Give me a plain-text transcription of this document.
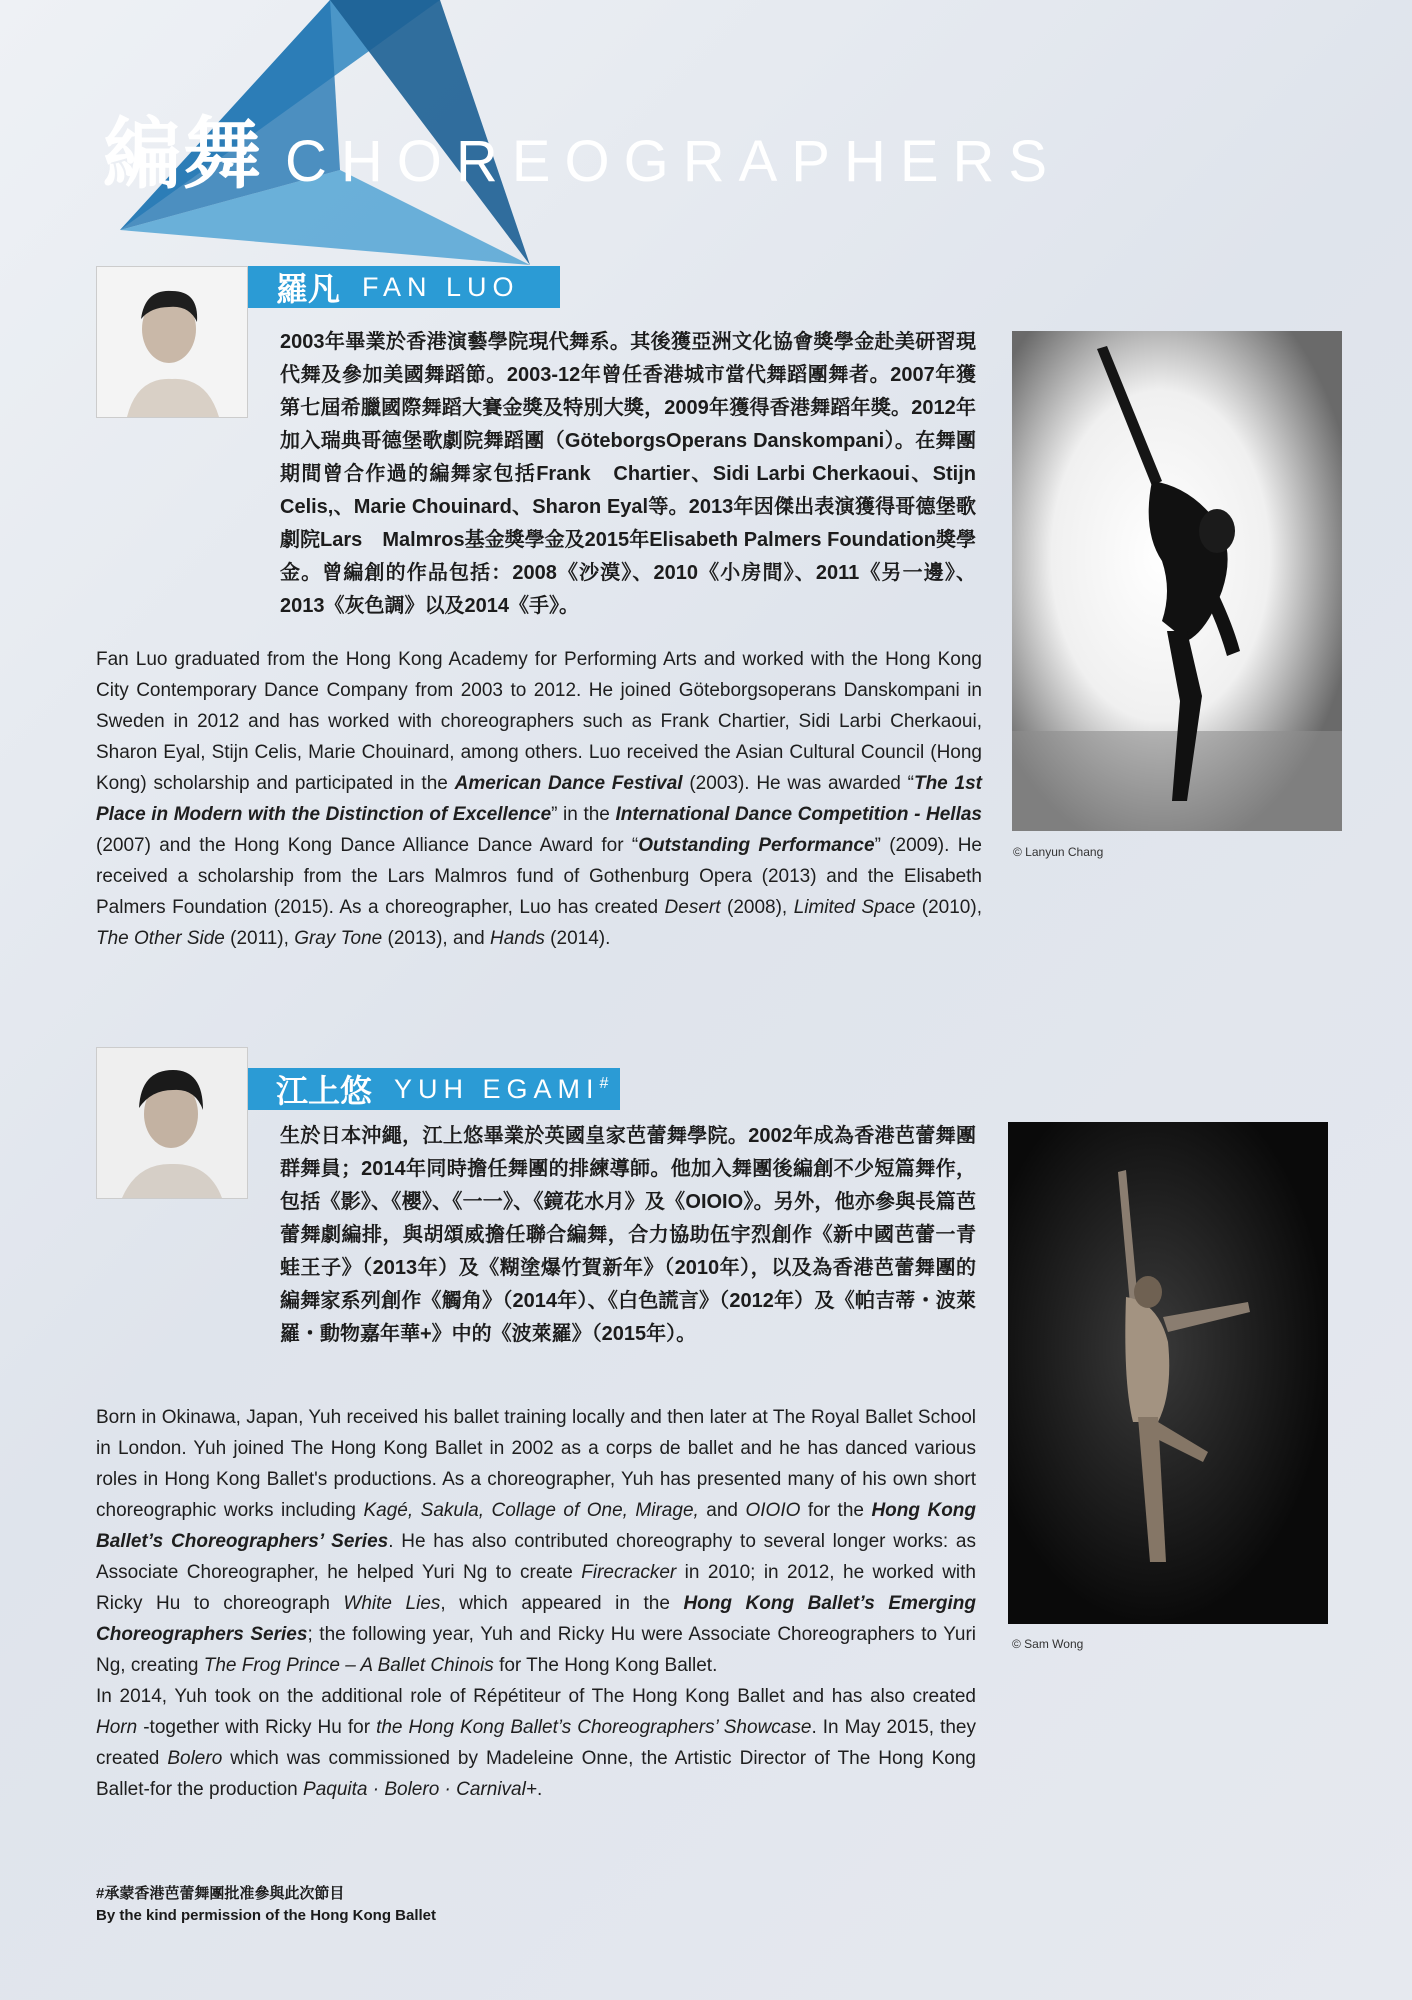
編舞 CHOREOGRAPHERS
羅凡 FAN LUO
2003年畢業於香港演藝學院現代舞系。其後獲亞洲文化協會獎學金赴美研習現代舞及參加美國舞蹈節。2003-12年曾任香港城市當代舞蹈團舞者。2007年獲第七屆希臘國際舞蹈大賽金獎及特別大獎，2009年獲得香港舞蹈年獎。2012年加入瑞典哥德堡歌劇院舞蹈團（GöteborgsOperans Danskompani）。在舞團期間曾合作過的編舞家包括Frank　Chartier、Sidi Larbi Cherkaoui、Stijn Celis,、Marie Chouinard、Sharon Eyal等。2013年因傑出表演獲得哥德堡歌劇院Lars　Malmros基金獎學金及2015年Elisabeth Palmers Foundation獎學金。曾編創的作品包括：2008《沙漠》、2010《小房間》、2011《另一邊》、2013《灰色調》以及2014《手》。

Fan Luo graduated from the Hong Kong Academy for Performing Arts and worked with the Hong Kong City Contemporary Dance Company from 2003 to 2012. He joined Göteborgsoperans Danskompani in Sweden in 2012 and has worked with choreographers such as Frank Chartier, Sidi Larbi Cherkaoui, Sharon Eyal, Stijn Celis, Marie Chouinard, among others. Luo received the Asian Cultural Council (Hong Kong) scholarship and participated in the American Dance Festival (2003). He was awarded “The 1st Place in Modern with the Distinction of Excellence” in the International Dance Competition - Hellas (2007) and the Hong Kong Dance Alliance Dance Award for “Outstanding Performance” (2009). He received a scholarship from the Lars Malmros fund of Gothenburg Opera (2013) and the Elisabeth Palmers Foundation (2015). As a choreographer, Luo has created Desert (2008), Limited Space (2010), The Other Side (2011), Gray Tone (2013), and Hands (2014).

© Lanyun Chang
江上悠 YUH EGAMI#
生於日本沖繩，江上悠畢業於英國皇家芭蕾舞學院。2002年成為香港芭蕾舞團群舞員；2014年同時擔任舞團的排練導師。他加入舞團後編創不少短篇舞作，包括《影》、《櫻》、《一一》、《鏡花水月》及《OIOIO》。另外，他亦參與長篇芭蕾舞劇編排，與胡頌威擔任聯合編舞，合力協助伍宇烈創作《新中國芭蕾一青蛙王子》（2013年）及《糊塗爆竹賀新年》（2010年），以及為香港芭蕾舞團的編舞家系列創作《觸角》（2014年）、《白色謊言》（2012年）及《帕吉蒂・波萊羅・動物嘉年華+》中的《波萊羅》（2015年）。

Born in Okinawa, Japan, Yuh received his ballet training locally and then later at The Royal Ballet School in London. Yuh joined The Hong Kong Ballet in 2002 as a corps de ballet and he has danced various roles in Hong Kong Ballet's productions. As a choreographer, Yuh has presented many of his own short choreographic works including Kagé, Sakula, Collage of One, Mirage, and OIOIO for the Hong Kong Ballet’s Choreographers’ Series. He has also contributed choreography to several longer works: as Associate Choreographer, he helped Yuri Ng to create Firecracker in 2010; in 2012, he worked with Ricky Hu to choreograph White Lies, which appeared in the Hong Kong Ballet’s Emerging Choreographers Series; the following year, Yuh and Ricky Hu were Associate Choreographers to Yuri Ng, creating The Frog Prince – A Ballet Chinois for The Hong Kong Ballet.

In 2014, Yuh took on the additional role of Répétiteur of The Hong Kong Ballet and has also created Horn -together with Ricky Hu for the Hong Kong Ballet’s Choreographers’ Showcase. In May 2015, they created Bolero which was commissioned by Madeleine Onne, the Artistic Director of The Hong Kong Ballet-for the production Paquita · Bolero · Carnival+.

© Sam Wong
#承蒙香港芭蕾舞團批准參與此次節目
By the kind permission of the Hong Kong Ballet
